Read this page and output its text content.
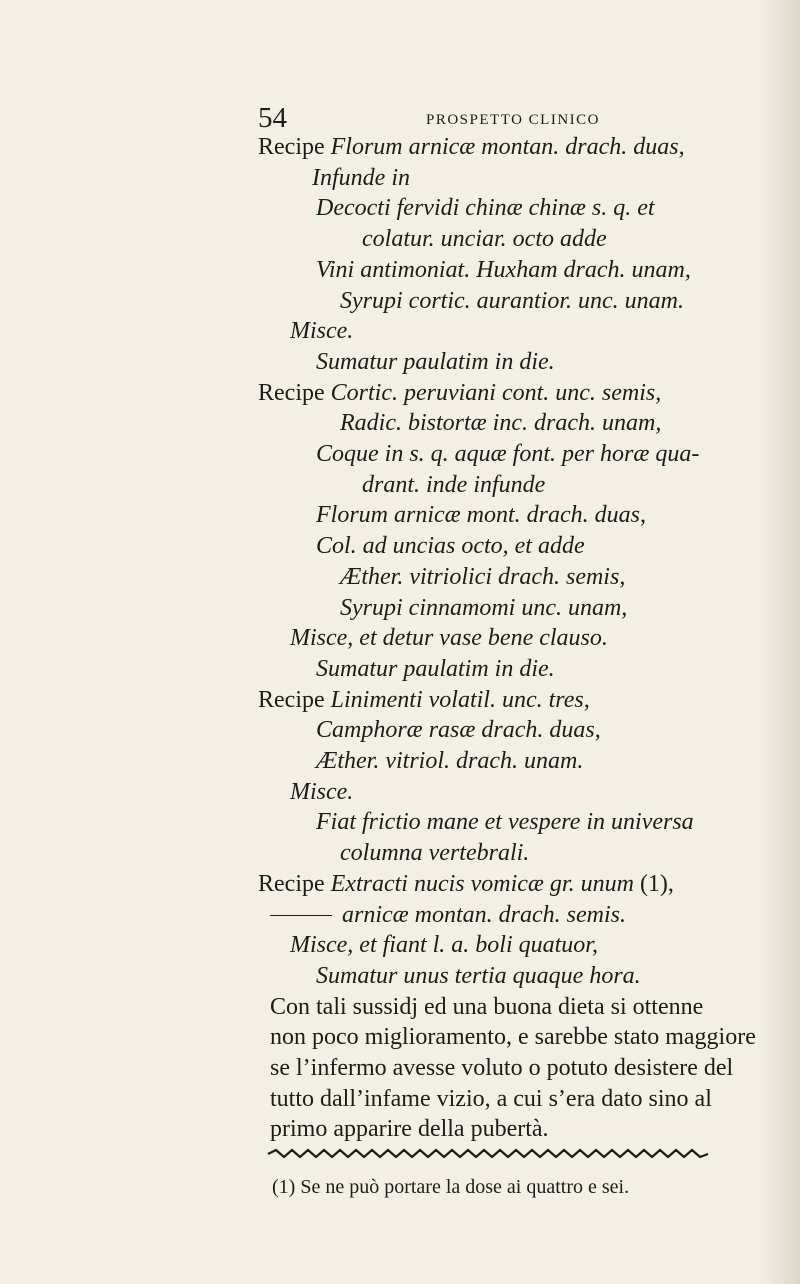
54	PROSPETTO CLINICO
Recipe Florum arnicæ montan. drach. duas,
Infunde in
Decocti fervidi chinæ chinæ s. q. et
colatur. unciar. octo adde
Vini antimoniat. Huxham drach. unam,
Syrupi cortic. aurantior. unc. unam.
Misce.
Sumatur paulatim in die.
Recipe Cortic. peruviani cont. unc. semis,
Radic. bistortæ inc. drach. unam,
Coque in s. q. aquæ font. per horæ qua-
drant. inde infunde
Florum arnicæ mont. drach. duas,
Col. ad uncias octo, et adde
Æther. vitriolici drach. semis,
Syrupi cinnamomi unc. unam,
Misce, et detur vase bene clauso.
Sumatur paulatim in die.
Recipe Linimenti volatil. unc. tres,
Camphoræ rasæ drach. duas,
Æther. vitriol. drach. unam.
Misce.
Fiat frictio mane et vespere in universa
columna vertebrali.
Recipe Extracti nucis vomicæ gr. unum (1),
arnicæ montan. drach. semis.
Misce, et fiant l. a. boli quatuor,
Sumatur unus tertia quaque hora.
Con tali sussidj ed una buona dieta si ottenne
non poco miglioramento, e sarebbe stato maggiore
se l’infermo avesse voluto o potuto desistere del
tutto dall’infame vizio, a cui s’era dato sino al
primo apparire della pubertà.
(1) Se ne può portare la dose ai quattro e sei.
